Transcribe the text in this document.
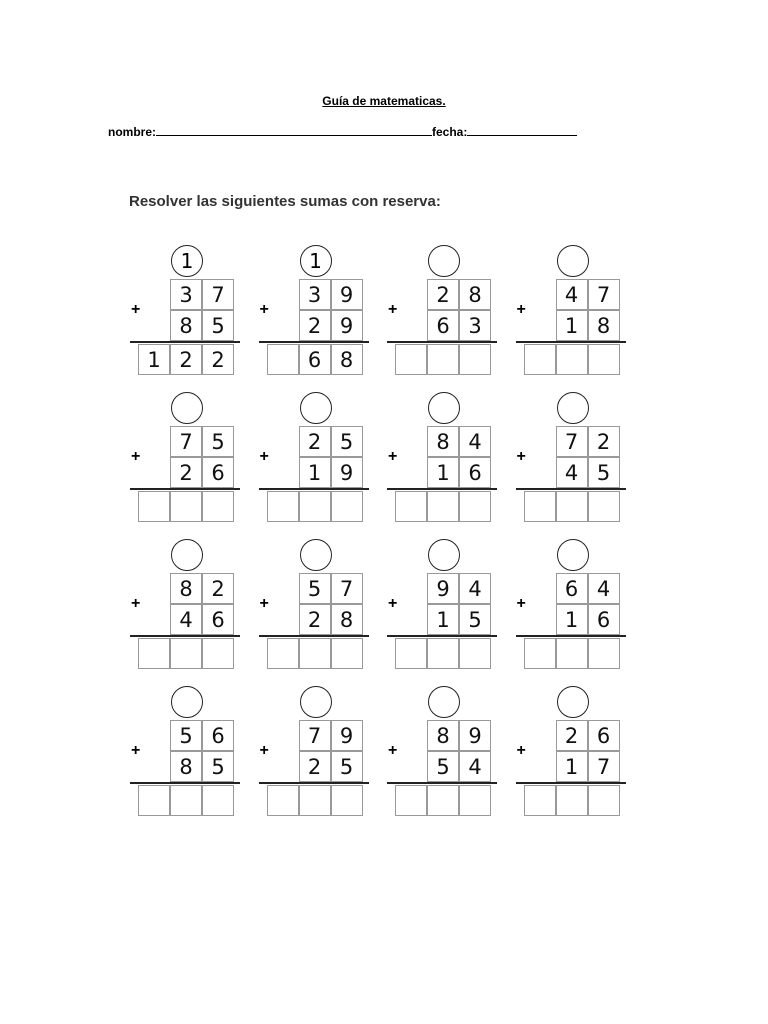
Guía de matematicas.
nombre:	fecha:
Resolver las siguientes sumas con reserva:
1
+
3 7
8 5
1 2 2
1
+
3 9
2 9
6 8
+
2 8
6 3
+
4 7
1 8
+
7 5
2 6
+
2 5
1 9
+
8 4
1 6
+
7 2
4 5
+
8 2
4 6
+
5 7
2 8
+
9 4
1 5
+
6 4
1 6
+
5 6
8 5
+
7 9
2 5
+
8 9
5 4
+
2 6
1 7
